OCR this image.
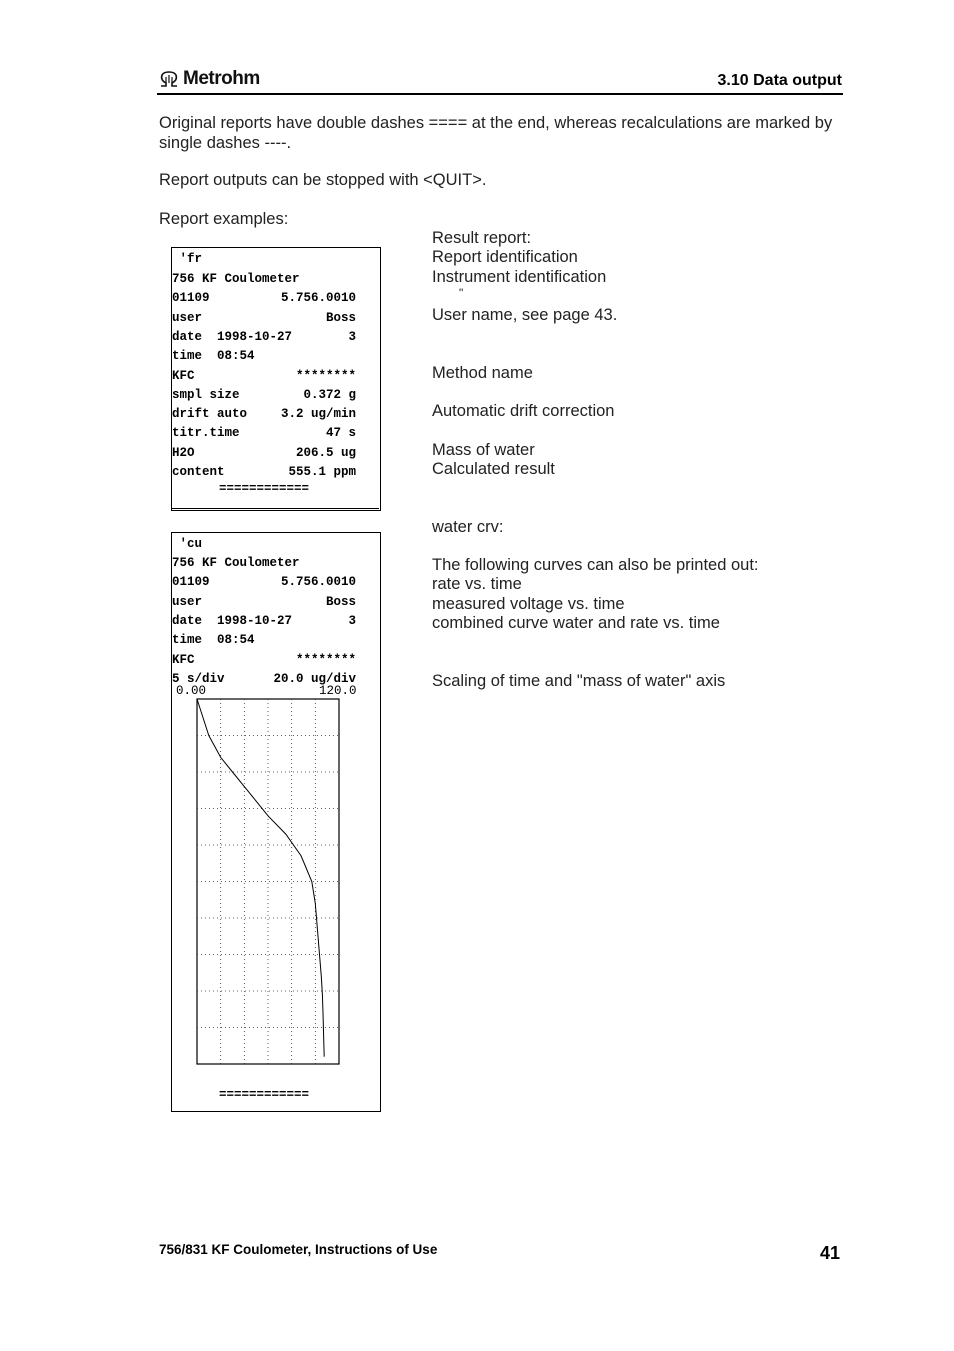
Metrohm	3.10 Data output
Original reports have double dashes ==== at the end, whereas recalculations are marked by single dashes ----.
Report outputs can be stopped with <QUIT>.
Report examples:
'fr
756 KF Coulometer
01109	5.756.0010
user	Boss
date  1998-10-27	3
time  08:54
KFC	********
smpl size	0.372 g
drift auto	3.2 ug/min
titr.time	47 s
H2O	206.5 ug
content	555.1 ppm
============
Result report:
Report identification
Instrument identification
"
User name, see page 43.
Method name
Automatic drift correction
Mass of water
Calculated result
'cu
756 KF Coulometer
01109	5.756.0010
user	Boss
date  1998-10-27	3
time  08:54
KFC	********
5 s/div	20.0 ug/div
0.00	120.0
============
water crv:
The following curves can also be printed out:
rate vs. time
measured voltage vs. time
combined curve water and rate vs. time
Scaling of time and "mass of water" axis
756/831 KF Coulometer, Instructions of Use	41
